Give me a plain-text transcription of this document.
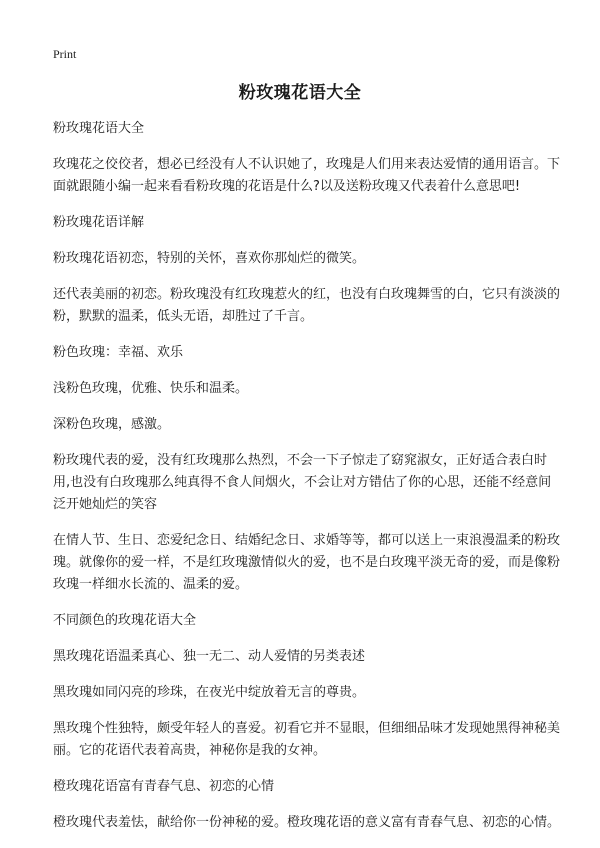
Print
粉玫瑰花语大全

粉玫瑰花语大全

玫瑰花之佼佼者，想必已经没有人不认识她了，玫瑰是人们用来表达爱情的通用语言。下面就跟随小编一起来看看粉玫瑰的花语是什么?以及送粉玫瑰又代表着什么意思吧!

粉玫瑰花语详解

粉玫瑰花语初恋，特别的关怀，喜欢你那灿烂的微笑。

还代表美丽的初恋。粉玫瑰没有红玫瑰惹火的红，也没有白玫瑰舞雪的白，它只有淡淡的粉，默默的温柔，低头无语，却胜过了千言。

粉色玫瑰：幸福、欢乐

浅粉色玫瑰，优雅、快乐和温柔。

深粉色玫瑰，感激。

粉玫瑰代表的爱，没有红玫瑰那么热烈，不会一下子惊走了窈窕淑女，正好适合表白时用,也没有白玫瑰那么纯真得不食人间烟火，不会让对方错估了你的心思，还能不经意间泛开她灿烂的笑容

在情人节、生日、恋爱纪念日、结婚纪念日、求婚等等，都可以送上一束浪漫温柔的粉玫瑰。就像你的爱一样，不是红玫瑰激情似火的爱，也不是白玫瑰平淡无奇的爱，而是像粉玫瑰一样细水长流的、温柔的爱。

不同颜色的玫瑰花语大全

黑玫瑰花语温柔真心、独一无二、动人爱情的另类表述

黑玫瑰如同闪亮的珍珠，在夜光中绽放着无言的尊贵。

黑玫瑰个性独特，颇受年轻人的喜爱。初看它并不显眼，但细细品味才发现她黑得神秘美丽。它的花语代表着高贵，神秘你是我的女神。

橙玫瑰花语富有青春气息、初恋的心情

橙玫瑰代表羞怯，献给你一份神秘的爱。橙玫瑰花语的意义富有青春气息、初恋的心情。
